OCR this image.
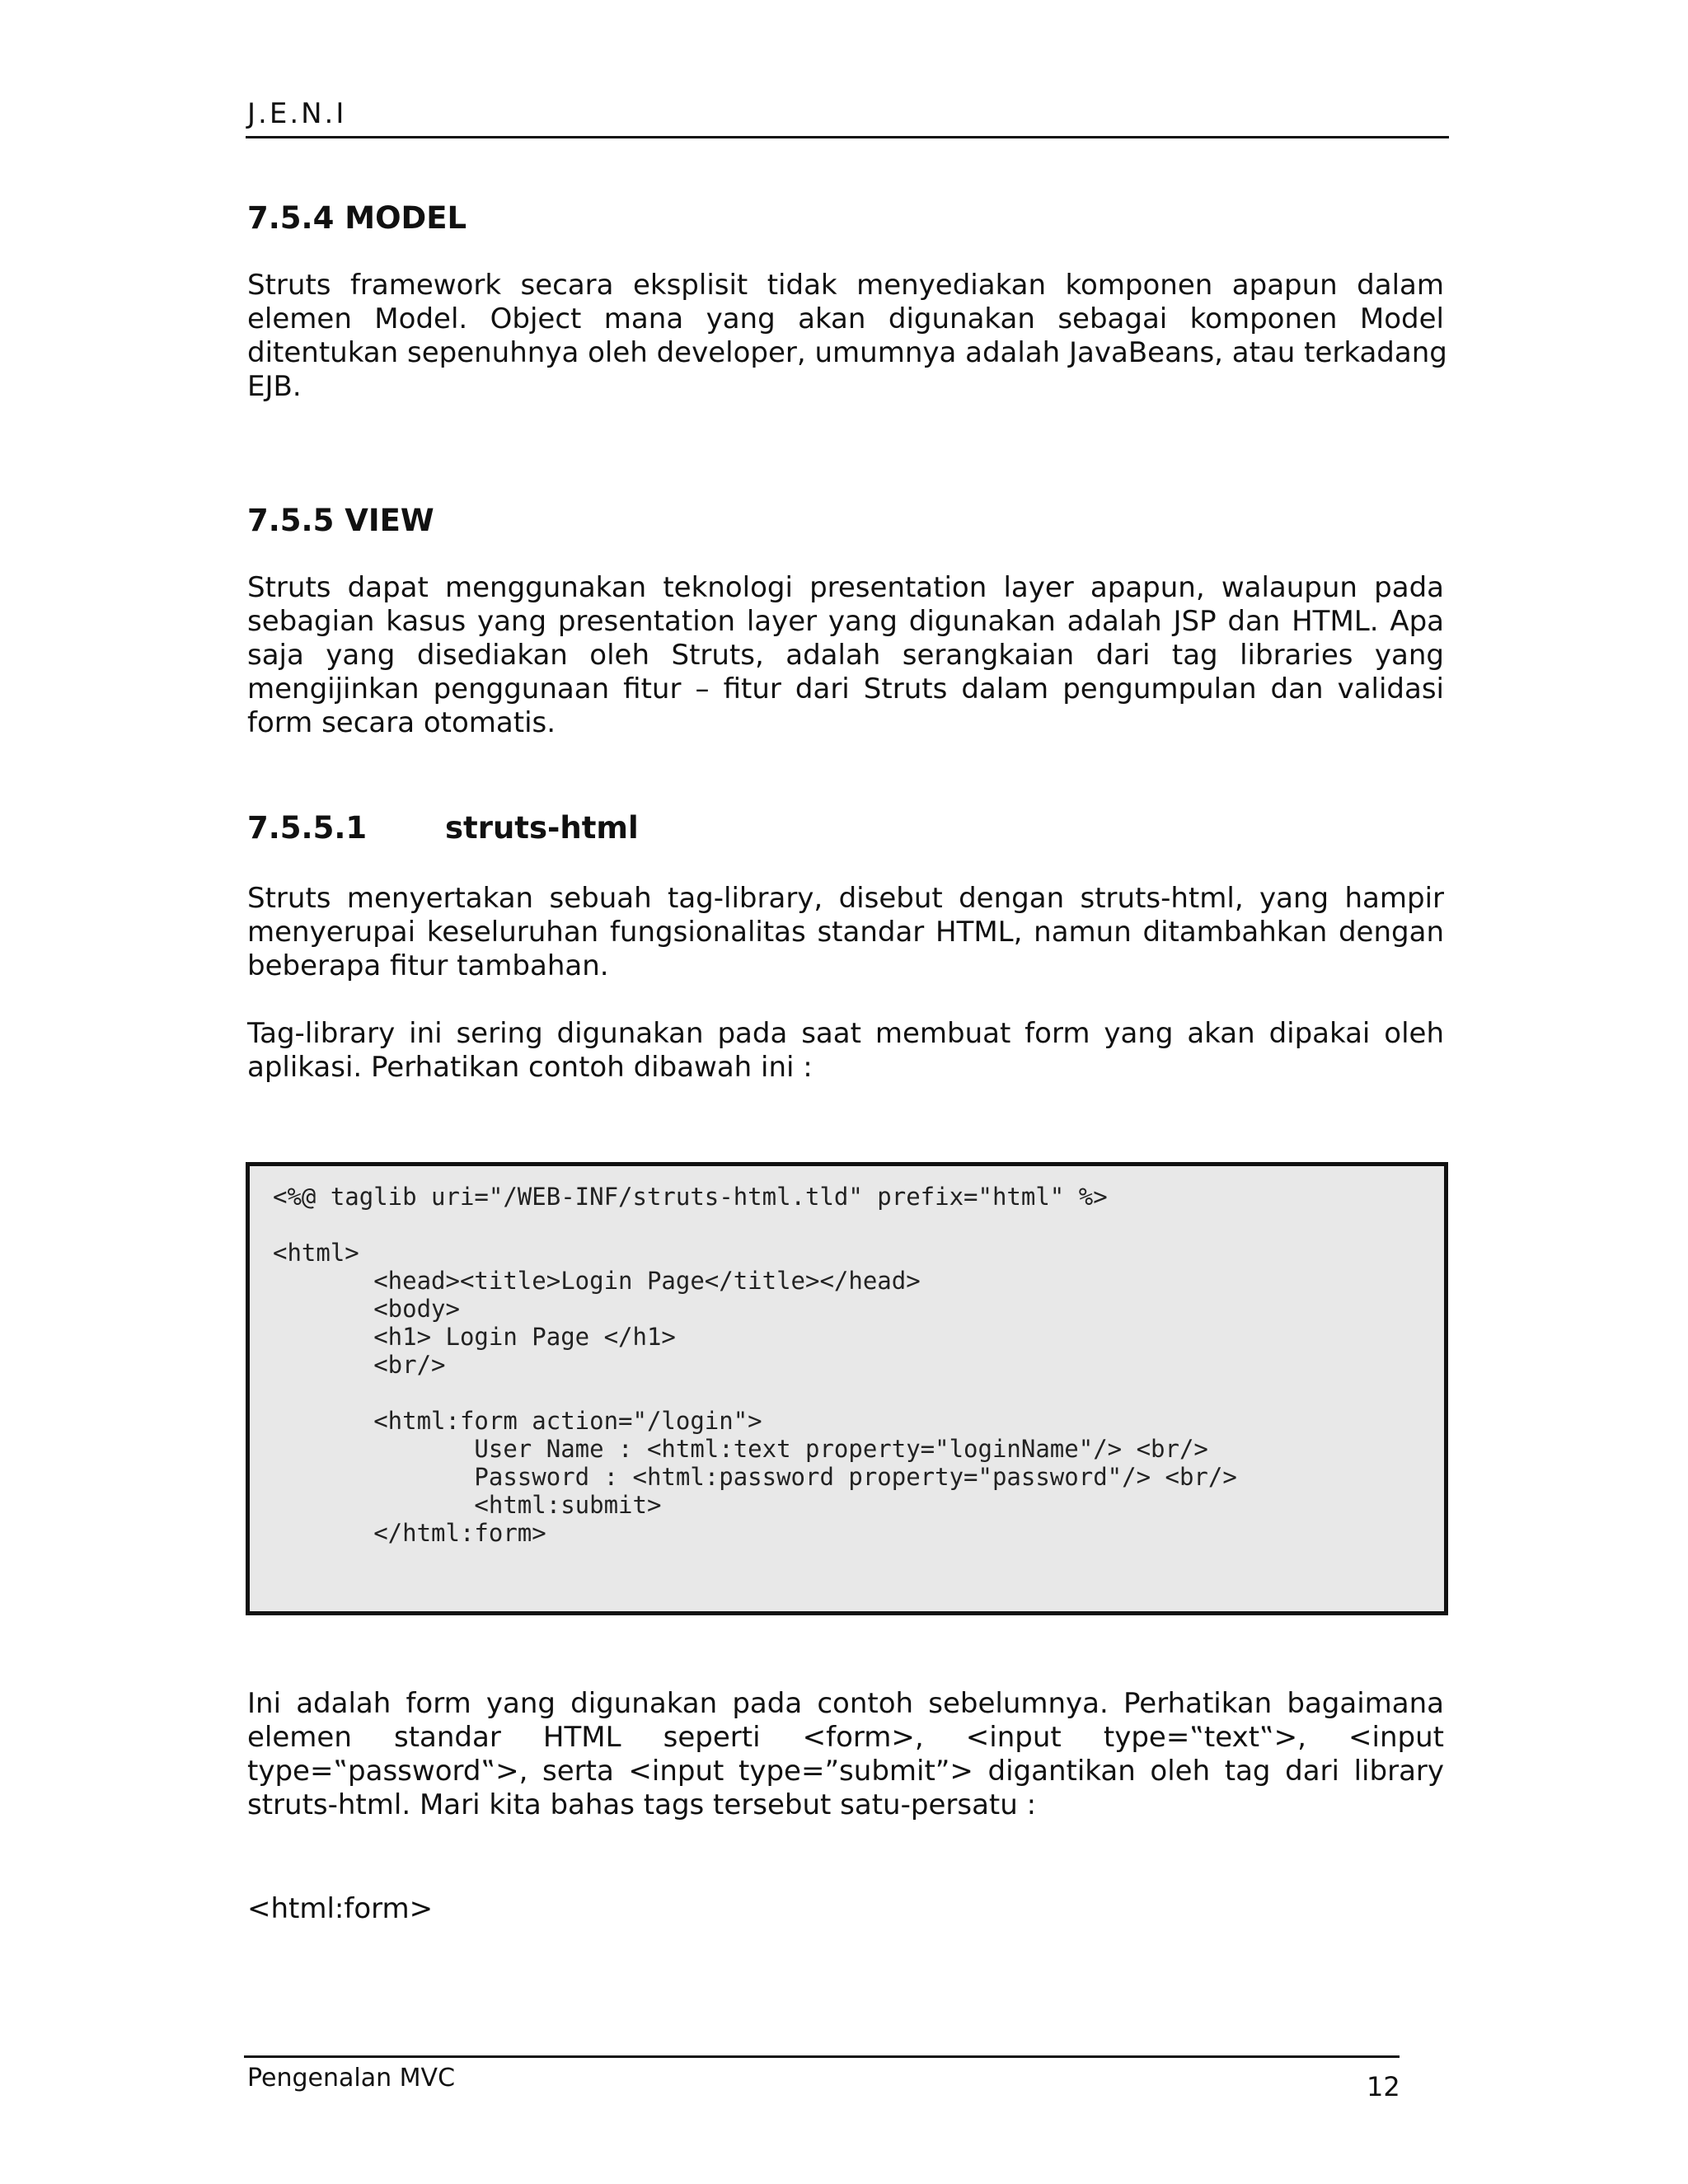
J.E.N.I
7.5.4 MODEL
Struts framework secara eksplisit tidak menyediakan komponen apapun dalam
elemen Model. Object mana yang akan digunakan sebagai komponen Model
ditentukan sepenuhnya oleh developer, umumnya adalah JavaBeans, atau terkadang
EJB.
7.5.5 VIEW
Struts dapat menggunakan teknologi presentation layer apapun, walaupun pada
sebagian kasus yang presentation layer yang digunakan adalah JSP dan HTML. Apa
saja yang disediakan oleh Struts, adalah serangkaian dari tag libraries yang
mengijinkan penggunaan fitur – fitur dari Struts dalam pengumpulan dan validasi
form secara otomatis.
7.5.5.1	struts-html
Struts menyertakan sebuah tag-library, disebut dengan struts-html, yang hampir
menyerupai keseluruhan fungsionalitas standar HTML, namun ditambahkan dengan
beberapa fitur tambahan.
Tag-library ini sering digunakan pada saat membuat form yang akan dipakai oleh
aplikasi. Perhatikan contoh dibawah ini :
<%@ taglib uri="/WEB-INF/struts-html.tld" prefix="html" %>

<html>
<head><title>Login Page</title></head>
<body>
<h1> Login Page </h1>
<br/>

<html:form action="/login">
User Name : <html:text property="loginName"/> <br/>
Password : <html:password property="password"/> <br/>
<html:submit>
</html:form>
Ini adalah form yang digunakan pada contoh sebelumnya. Perhatikan bagaimana
elemen standar HTML seperti <form>, <input type=‟text‟>, <input
type=‟password‟>, serta <input type=”submit”> digantikan oleh tag dari library
struts-html. Mari kita bahas tags tersebut satu-persatu :
<html:form>
Pengenalan MVC	12
